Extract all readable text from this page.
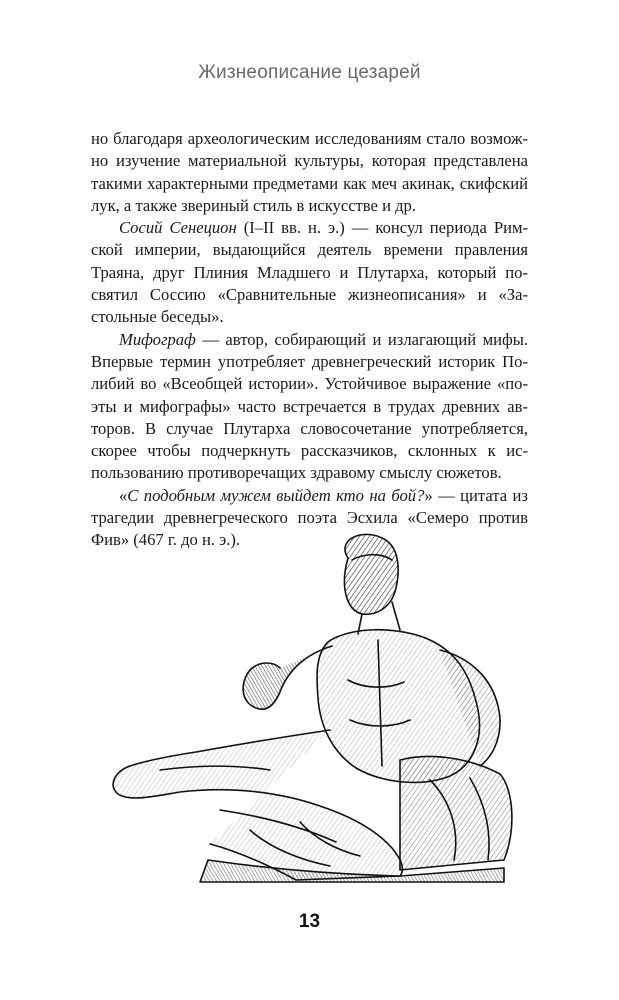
Жизнеописание цезарей

но благодаря археологическим исследованиям стало возможно изучение материальной культуры, которая представлена такими характерными предметами как меч акинак, скифский лук, а также звериный стиль в искусстве и др.

Сосий Сенецион (I–II вв. н. э.) — консул периода Римской империи, выдающийся деятель времени правления Траяна, друг Плиния Младшего и Плутарха, который посвятил Соссию «Сравнительные жизнеописания» и «Застольные беседы».

Мифограф — автор, собирающий и излагающий мифы. Впервые термин употребляет древнегреческий историк Полибий во «Всеобщей истории». Устойчивое выражение «поэты и мифографы» часто встречается в трудах древних авторов. В случае Плутарха словосочетание употребляется, скорее чтобы подчеркнуть рассказчиков, склонных к использованию противоречащих здравому смыслу сюжетов.

«С подобным мужем выйдет кто на бой?» — цитата из трагедии древнегреческого поэта Эсхила «Семеро против Фив» (467 г. до н. э.).

13
